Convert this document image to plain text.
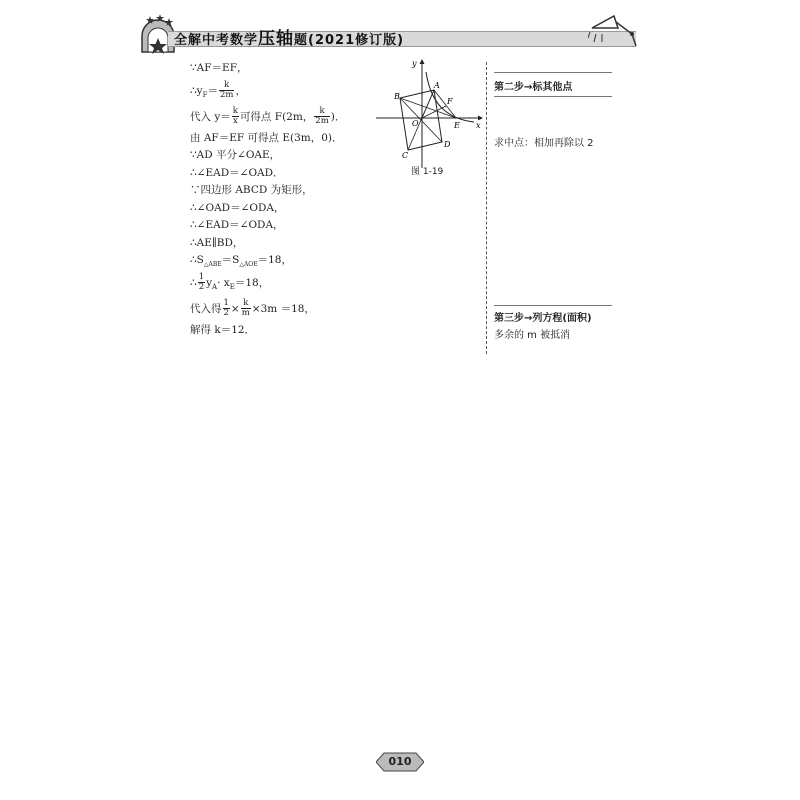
全解中考数学压轴题(2021修订版)
∵AF＝EF，
$\therefore y_F= \frac{k}{2m}$ ，
代入 $y= \frac{k}{x}$ 可得点 F(2m， $\frac{k}{2m}$ )．
由 AF＝EF 可得点 E(3m，0)．
∵AD 平分∠OAE，
∴∠EAD＝∠OAD．
∵四边形 ABCD 为矩形，
∴∠OAD＝∠ODA，
∴∠EAD＝∠ODA，
∴AE∥BD，
$\therefore S_{\triangle ABE}=S_{\triangle AOE}=18$，
∴ $\frac{1}{2} y_A\cdot x_E=18$，
代入得 $\frac{1}{2} \times \frac{k}{m} \times 3m =18$，
解得 k＝12．
y
x
A
B
C
D
E
F
O
图 1-19
第二步→标其他点
求中点：相加再除以 2
第三步→列方程(面积)
多余的 m 被抵消
010
